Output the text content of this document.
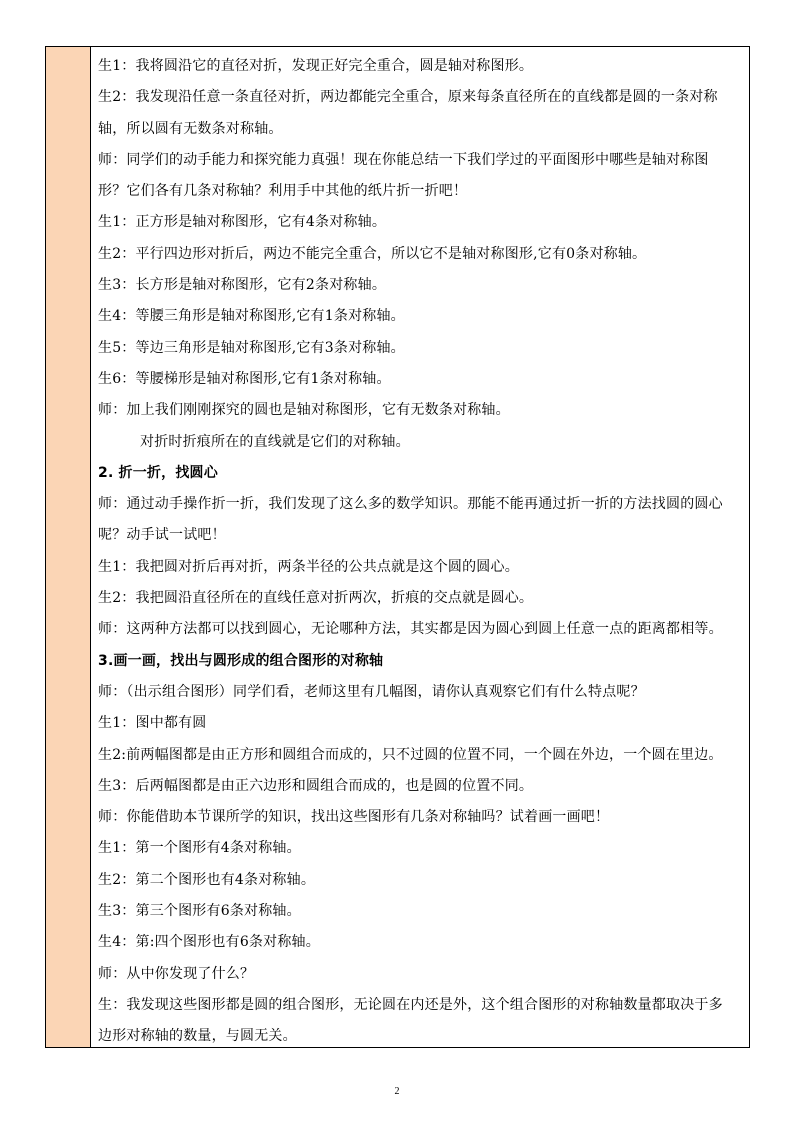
生1：我将圆沿它的直径对折，发现正好完全重合，圆是轴对称图形。
生2：我发现沿任意一条直径对折，两边都能完全重合，原来每条直径所在的直线都是圆的一条对称
轴，所以圆有无数条对称轴。
师：同学们的动手能力和探究能力真强！现在你能总结一下我们学过的平面图形中哪些是轴对称图
形？它们各有几条对称轴？利用手中其他的纸片折一折吧！
生1：正方形是轴对称图形，它有4条对称轴。
生2：平行四边形对折后，两边不能完全重合，所以它不是轴对称图形,它有0条对称轴。
生3：长方形是轴对称图形，它有2条对称轴。
生4：等腰三角形是轴对称图形,它有1条对称轴。
生5：等边三角形是轴对称图形,它有3条对称轴。
生6：等腰梯形是轴对称图形,它有1条对称轴。
师：加上我们刚刚探究的圆也是轴对称图形，它有无数条对称轴。
对折时折痕所在的直线就是它们的对称轴。
2. 折一折，找圆心
师：通过动手操作折一折，我们发现了这么多的数学知识。那能不能再通过折一折的方法找圆的圆心
呢？动手试一试吧！
生1：我把圆对折后再对折，两条半径的公共点就是这个圆的圆心。
生2：我把圆沿直径所在的直线任意对折两次，折痕的交点就是圆心。
师：这两种方法都可以找到圆心，无论哪种方法，其实都是因为圆心到圆上任意一点的距离都相等。
3.画一画，找出与圆形成的组合图形的对称轴
师：（出示组合图形）同学们看，老师这里有几幅图，请你认真观察它们有什么特点呢？
生1：图中都有圆
生2:前两幅图都是由正方形和圆组合而成的，只不过圆的位置不同，一个圆在外边，一个圆在里边。
生3：后两幅图都是由正六边形和圆组合而成的，也是圆的位置不同。
师：你能借助本节课所学的知识，找出这些图形有几条对称轴吗？试着画一画吧！
生1：第一个图形有4条对称轴。
生2：第二个图形也有4条对称轴。
生3：第三个图形有6条对称轴。
生4：第:四个图形也有6条对称轴。
师：从中你发现了什么？
生：我发现这些图形都是圆的组合图形，无论圆在内还是外，这个组合图形的对称轴数量都取决于多
边形对称轴的数量，与圆无关。
2
